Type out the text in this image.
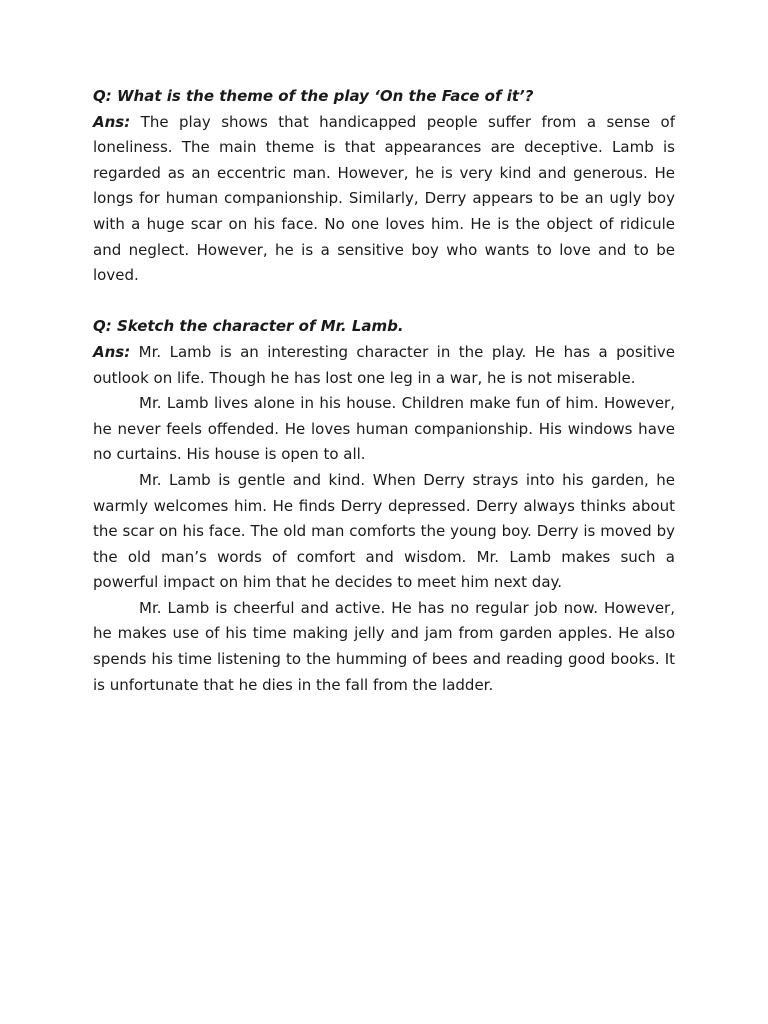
Q: What is the theme of the play ‘On the Face of it’?

Ans: The play shows that handicapped people suffer from a sense of loneliness. The main theme is that appearances are deceptive. Lamb is regarded as an eccentric man. However, he is very kind and generous. He longs for human companionship. Similarly, Derry appears to be an ugly boy with a huge scar on his face. No one loves him. He is the object of ridicule and neglect. However, he is a sensitive boy who wants to love and to be loved.

Q: Sketch the character of Mr. Lamb.

Ans: Mr. Lamb is an interesting character in the play. He has a positive outlook on life. Though he has lost one leg in a war, he is not miserable.

Mr. Lamb lives alone in his house. Children make fun of him. However, he never feels offended. He loves human companionship. His windows have no curtains. His house is open to all.

Mr. Lamb is gentle and kind. When Derry strays into his garden, he warmly welcomes him. He finds Derry depressed. Derry always thinks about the scar on his face. The old man comforts the young boy. Derry is moved by the old man’s words of comfort and wisdom. Mr. Lamb makes such a powerful impact on him that he decides to meet him next day.

Mr. Lamb is cheerful and active. He has no regular job now. However, he makes use of his time making jelly and jam from garden apples. He also spends his time listening to the humming of bees and reading good books. It is unfortunate that he dies in the fall from the ladder.
